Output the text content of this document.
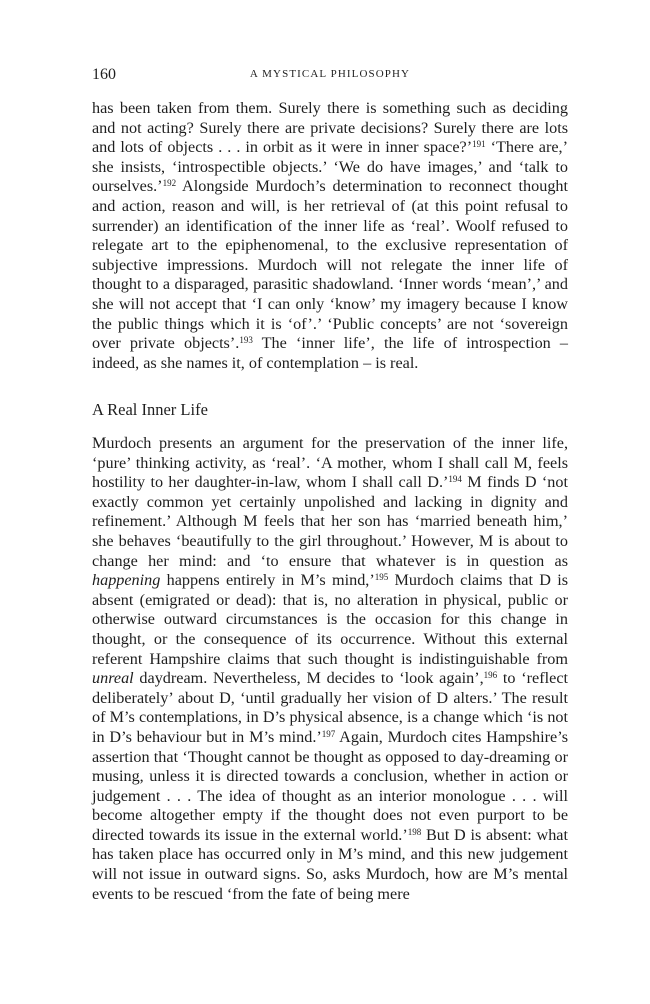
160	A MYSTICAL PHILOSOPHY

has been taken from them. Surely there is something such as deciding and not acting? Surely there are private decisions? Surely there are lots and lots of objects . . . in orbit as it were in inner space?’$^{191}$ ‘There are,’ she insists, ‘introspectible objects.’ ‘We do have images,’ and ‘talk to ourselves.’$^{192}$ Alongside Murdoch’s determination to reconnect thought and action, reason and will, is her retrieval of (at this point refusal to surrender) an identification of the inner life as ‘real’. Woolf refused to relegate art to the epiphenomenal, to the exclusive representation of subjective impressions. Murdoch will not relegate the inner life of thought to a disparaged, parasitic shadowland. ‘Inner words ‘mean’,’ and she will not accept that ‘I can only ‘know’ my imagery because I know the public things which it is ‘of’.’ ‘Public concepts’ are not ‘sovereign over private objects’.$^{193}$ The ‘inner life’, the life of introspection – indeed, as she names it, of contemplation – is real.

A Real Inner Life

Murdoch presents an argument for the preservation of the inner life, ‘pure’ thinking activity, as ‘real’. ‘A mother, whom I shall call M, feels hostility to her daughter-in-law, whom I shall call D.’$^{194}$ M finds D ‘not exactly common yet certainly unpolished and lacking in dignity and refinement.’ Although M feels that her son has ‘married beneath him,’ she behaves ‘beautifully to the girl throughout.’ However, M is about to change her mind: and ‘to ensure that whatever is in question as happening happens entirely in M’s mind,’$^{195}$ Murdoch claims that D is absent (emigrated or dead): that is, no alteration in physical, public or otherwise outward circumstances is the occasion for this change in thought, or the consequence of its occurrence. Without this external referent Hampshire claims that such thought is indistinguishable from unreal daydream. Nevertheless, M decides to ‘look again’,$^{196}$ to ‘reflect deliberately’ about D, ‘until gradually her vision of D alters.’ The result of M’s contemplations, in D’s physical absence, is a change which ‘is not in D’s behaviour but in M’s mind.’$^{197}$ Again, Murdoch cites Hampshire’s assertion that ‘Thought cannot be thought as opposed to day-dreaming or musing, unless it is directed towards a conclusion, whether in action or judgement . . . The idea of thought as an interior monologue . . . will become altogether empty if the thought does not even purport to be directed towards its issue in the external world.’$^{198}$ But D is absent: what has taken place has occurred only in M’s mind, and this new judgement will not issue in outward signs. So, asks Murdoch, how are M’s mental events to be rescued ‘from the fate of being mere
